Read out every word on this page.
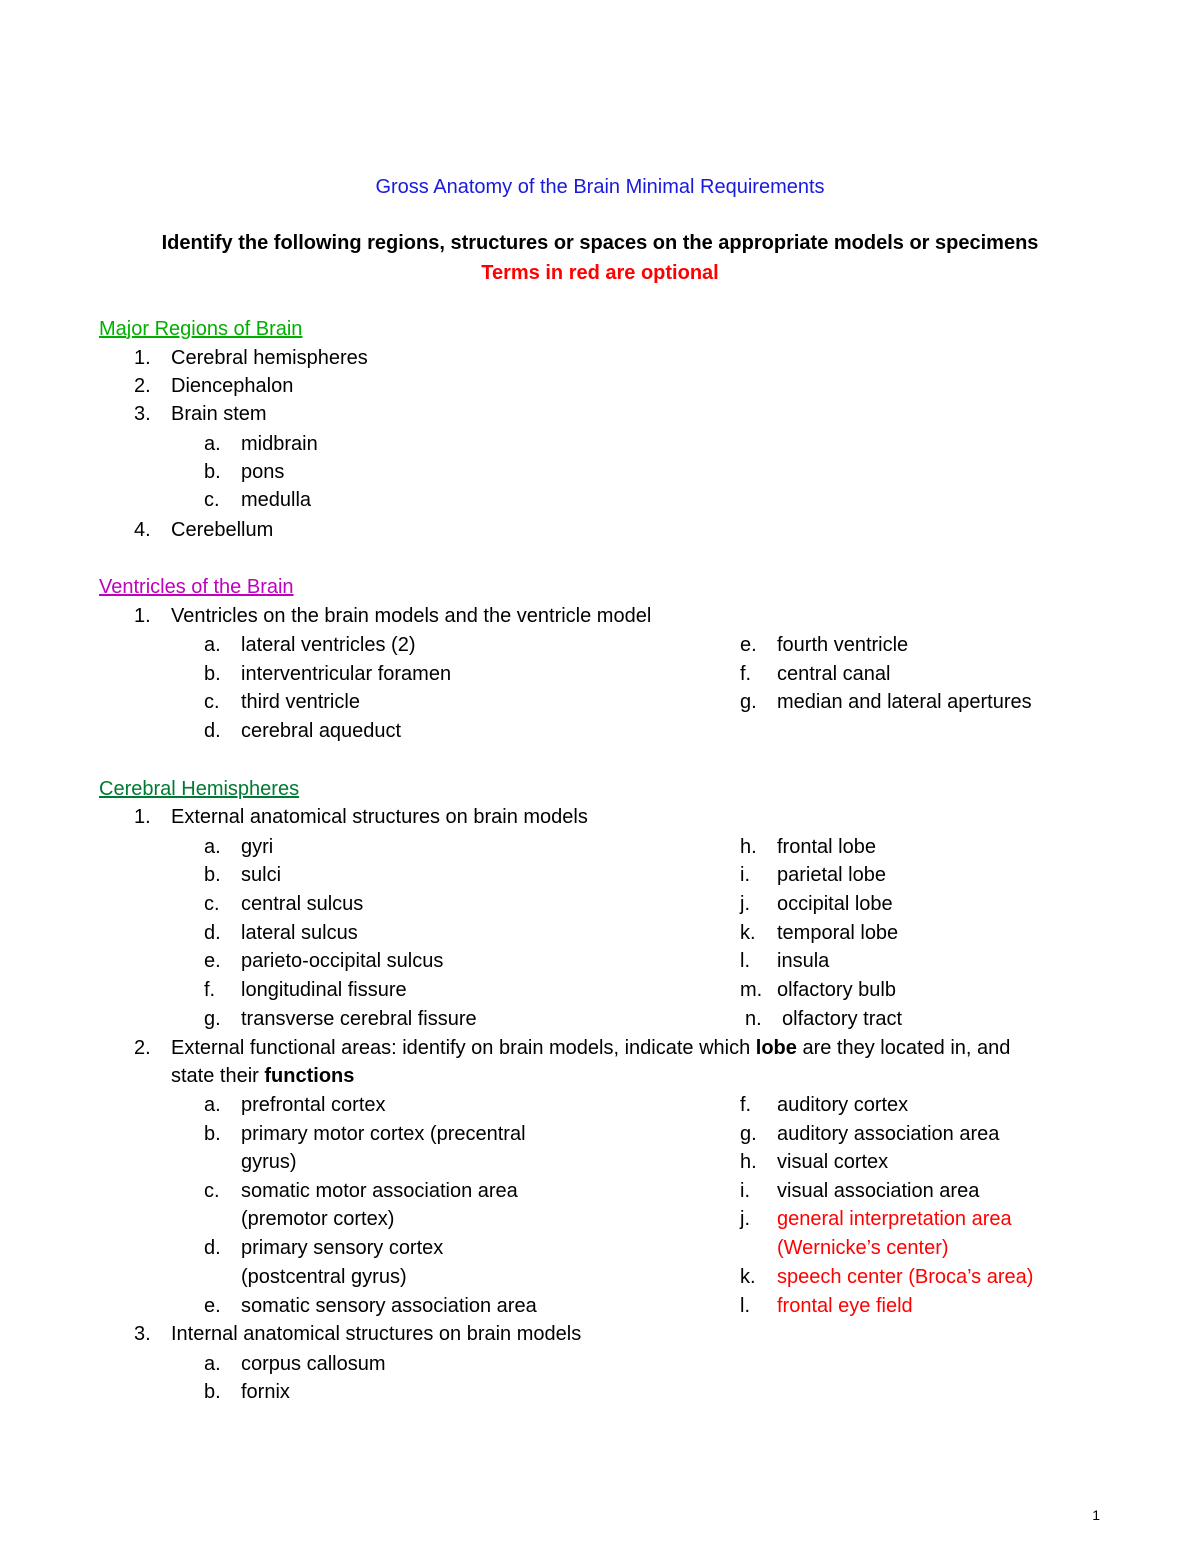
Gross Anatomy of the Brain Minimal Requirements
Identify the following regions, structures or spaces on the appropriate models or specimens
Terms in red are optional
Major Regions of Brain
1. Cerebral hemispheres
2. Diencephalon
3. Brain stem
a. midbrain
b. pons
c. medulla
4. Cerebellum
Ventricles of the Brain
1. Ventricles on the brain models and the ventricle model
a. lateral ventricles (2)
b. interventricular foramen
c. third ventricle
d. cerebral aqueduct
e. fourth ventricle
f. central canal
g. median and lateral apertures
Cerebral Hemispheres
1. External anatomical structures on brain models
a. gyri
b. sulci
c. central sulcus
d. lateral sulcus
e. parieto-occipital sulcus
f. longitudinal fissure
g. transverse cerebral fissure
h. frontal lobe
i. parietal lobe
j. occipital lobe
k. temporal lobe
l. insula
m. olfactory bulb
n. olfactory tract
2. External functional areas: identify on brain models, indicate which lobe are they located in, and
state their functions
a. prefrontal cortex
b. primary motor cortex (precentral
gyrus)
c. somatic motor association area
(premotor cortex)
d. primary sensory cortex
(postcentral gyrus)
e. somatic sensory association area
f. auditory cortex
g. auditory association area
h. visual cortex
i. visual association area
j. general interpretation area
(Wernicke’s center)
k. speech center (Broca’s area)
l. frontal eye field
3. Internal anatomical structures on brain models
a. corpus callosum
b. fornix
1
